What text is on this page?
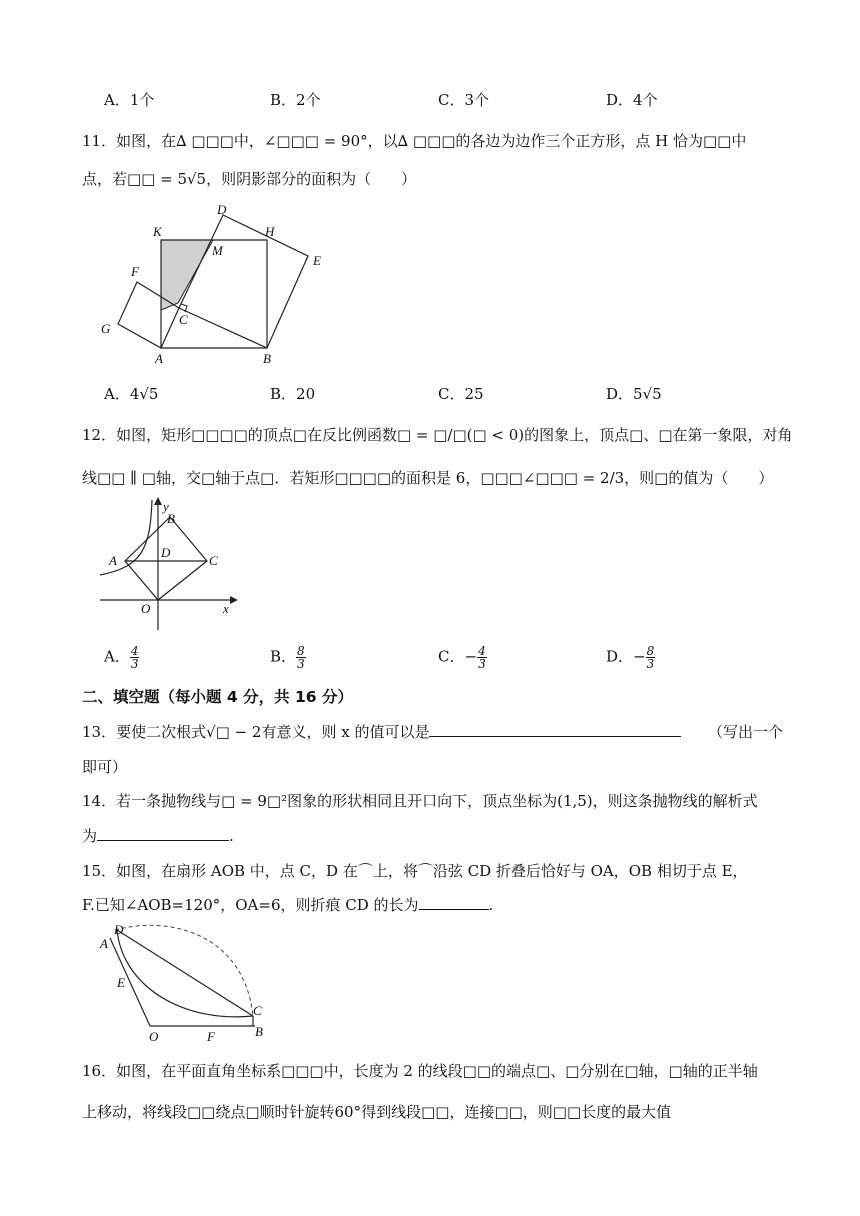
A．1个	B．2个	C．3个	D．4个
11．如图，在∆ □□□中，∠□□□ = 90°，以∆ □□□的各边为边作三个正方形，点 H 恰为□□中
点，若□□ = 5√5，则阴影部分的面积为（　　）
D
K	H
M
E
F
C
G
A	B
A．4√5	B．20	C．25	D．5√5
12．如图，矩形□□□□的顶点□在反比例函数□ = □/□(□ < 0)的图象上，顶点□、□在第一象限，对角
线□□ ∥ □轴，交□轴于点□．若矩形□□□□的面积是 6，□□□∠□□□ = 2/3，则□的值为（　　）
y
B
A
D
C
O	x
A． $\frac{4}{3}$	B． $\frac{8}{3}$	C．− $\frac{4}{3}$	D．− $\frac{8}{3}$
二、填空题（每小题 4 分，共 16 分）
13．要使二次根式√□ − 2有意义，则 x 的值可以是	（写出一个
即可）
14．若一条抛物线与□ = 9□²图象的形状相同且开口向下，顶点坐标为(1,5)，则这条抛物线的解析式
为	.
15．如图，在扇形 AOB 中，点 C，D 在⌒上，将⌒沿弦 CD 折叠后恰好与 OA，OB 相切于点 E，
F.已知∠AOB=120°，OA=6，则折痕 CD 的长为	.
D
A
E
C
O	F	B
16．如图，在平面直角坐标系□□□中，长度为 2 的线段□□的端点□、□分别在□轴，□轴的正半轴
上移动，将线段□□绕点□顺时针旋转60°得到线段□□，连接□□，则□□长度的最大值
